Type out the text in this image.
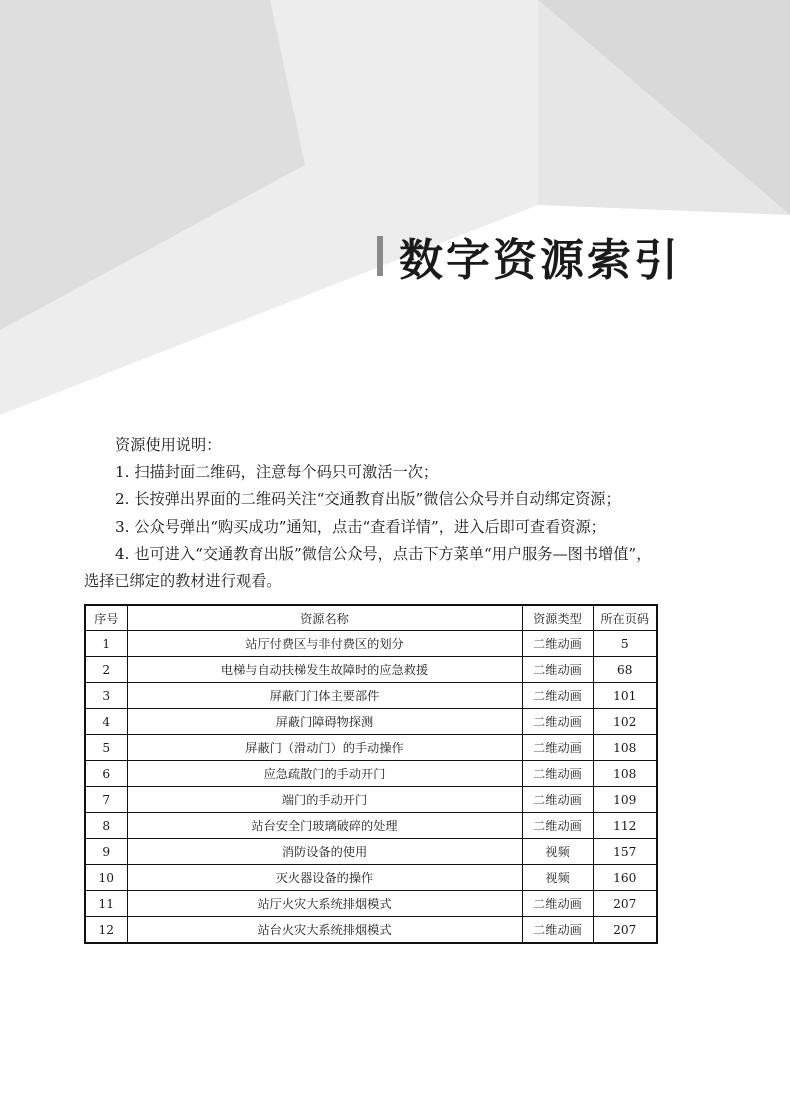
数字资源索引

资源使用说明：

1. 扫描封面二维码，注意每个码只可激活一次；

2. 长按弹出界面的二维码关注“交通教育出版”微信公众号并自动绑定资源；

3. 公众号弹出“购买成功”通知，点击“查看详情”，进入后即可查看资源；

4. 也可进入“交通教育出版”微信公众号，点击下方菜单“用户服务—图书增值”，选择已绑定的教材进行观看。

序号	资源名称	资源类型	所在页码
1	站厅付费区与非付费区的划分	二维动画	5
2	电梯与自动扶梯发生故障时的应急救援	二维动画	68
3	屏蔽门门体主要部件	二维动画	101
4	屏蔽门障碍物探测	二维动画	102
5	屏蔽门（滑动门）的手动操作	二维动画	108
6	应急疏散门的手动开门	二维动画	108
7	端门的手动开门	二维动画	109
8	站台安全门玻璃破碎的处理	二维动画	112
9	消防设备的使用	视频	157
10	灭火器设备的操作	视频	160
11	站厅火灾大系统排烟模式	二维动画	207
12	站台火灾大系统排烟模式	二维动画	207
